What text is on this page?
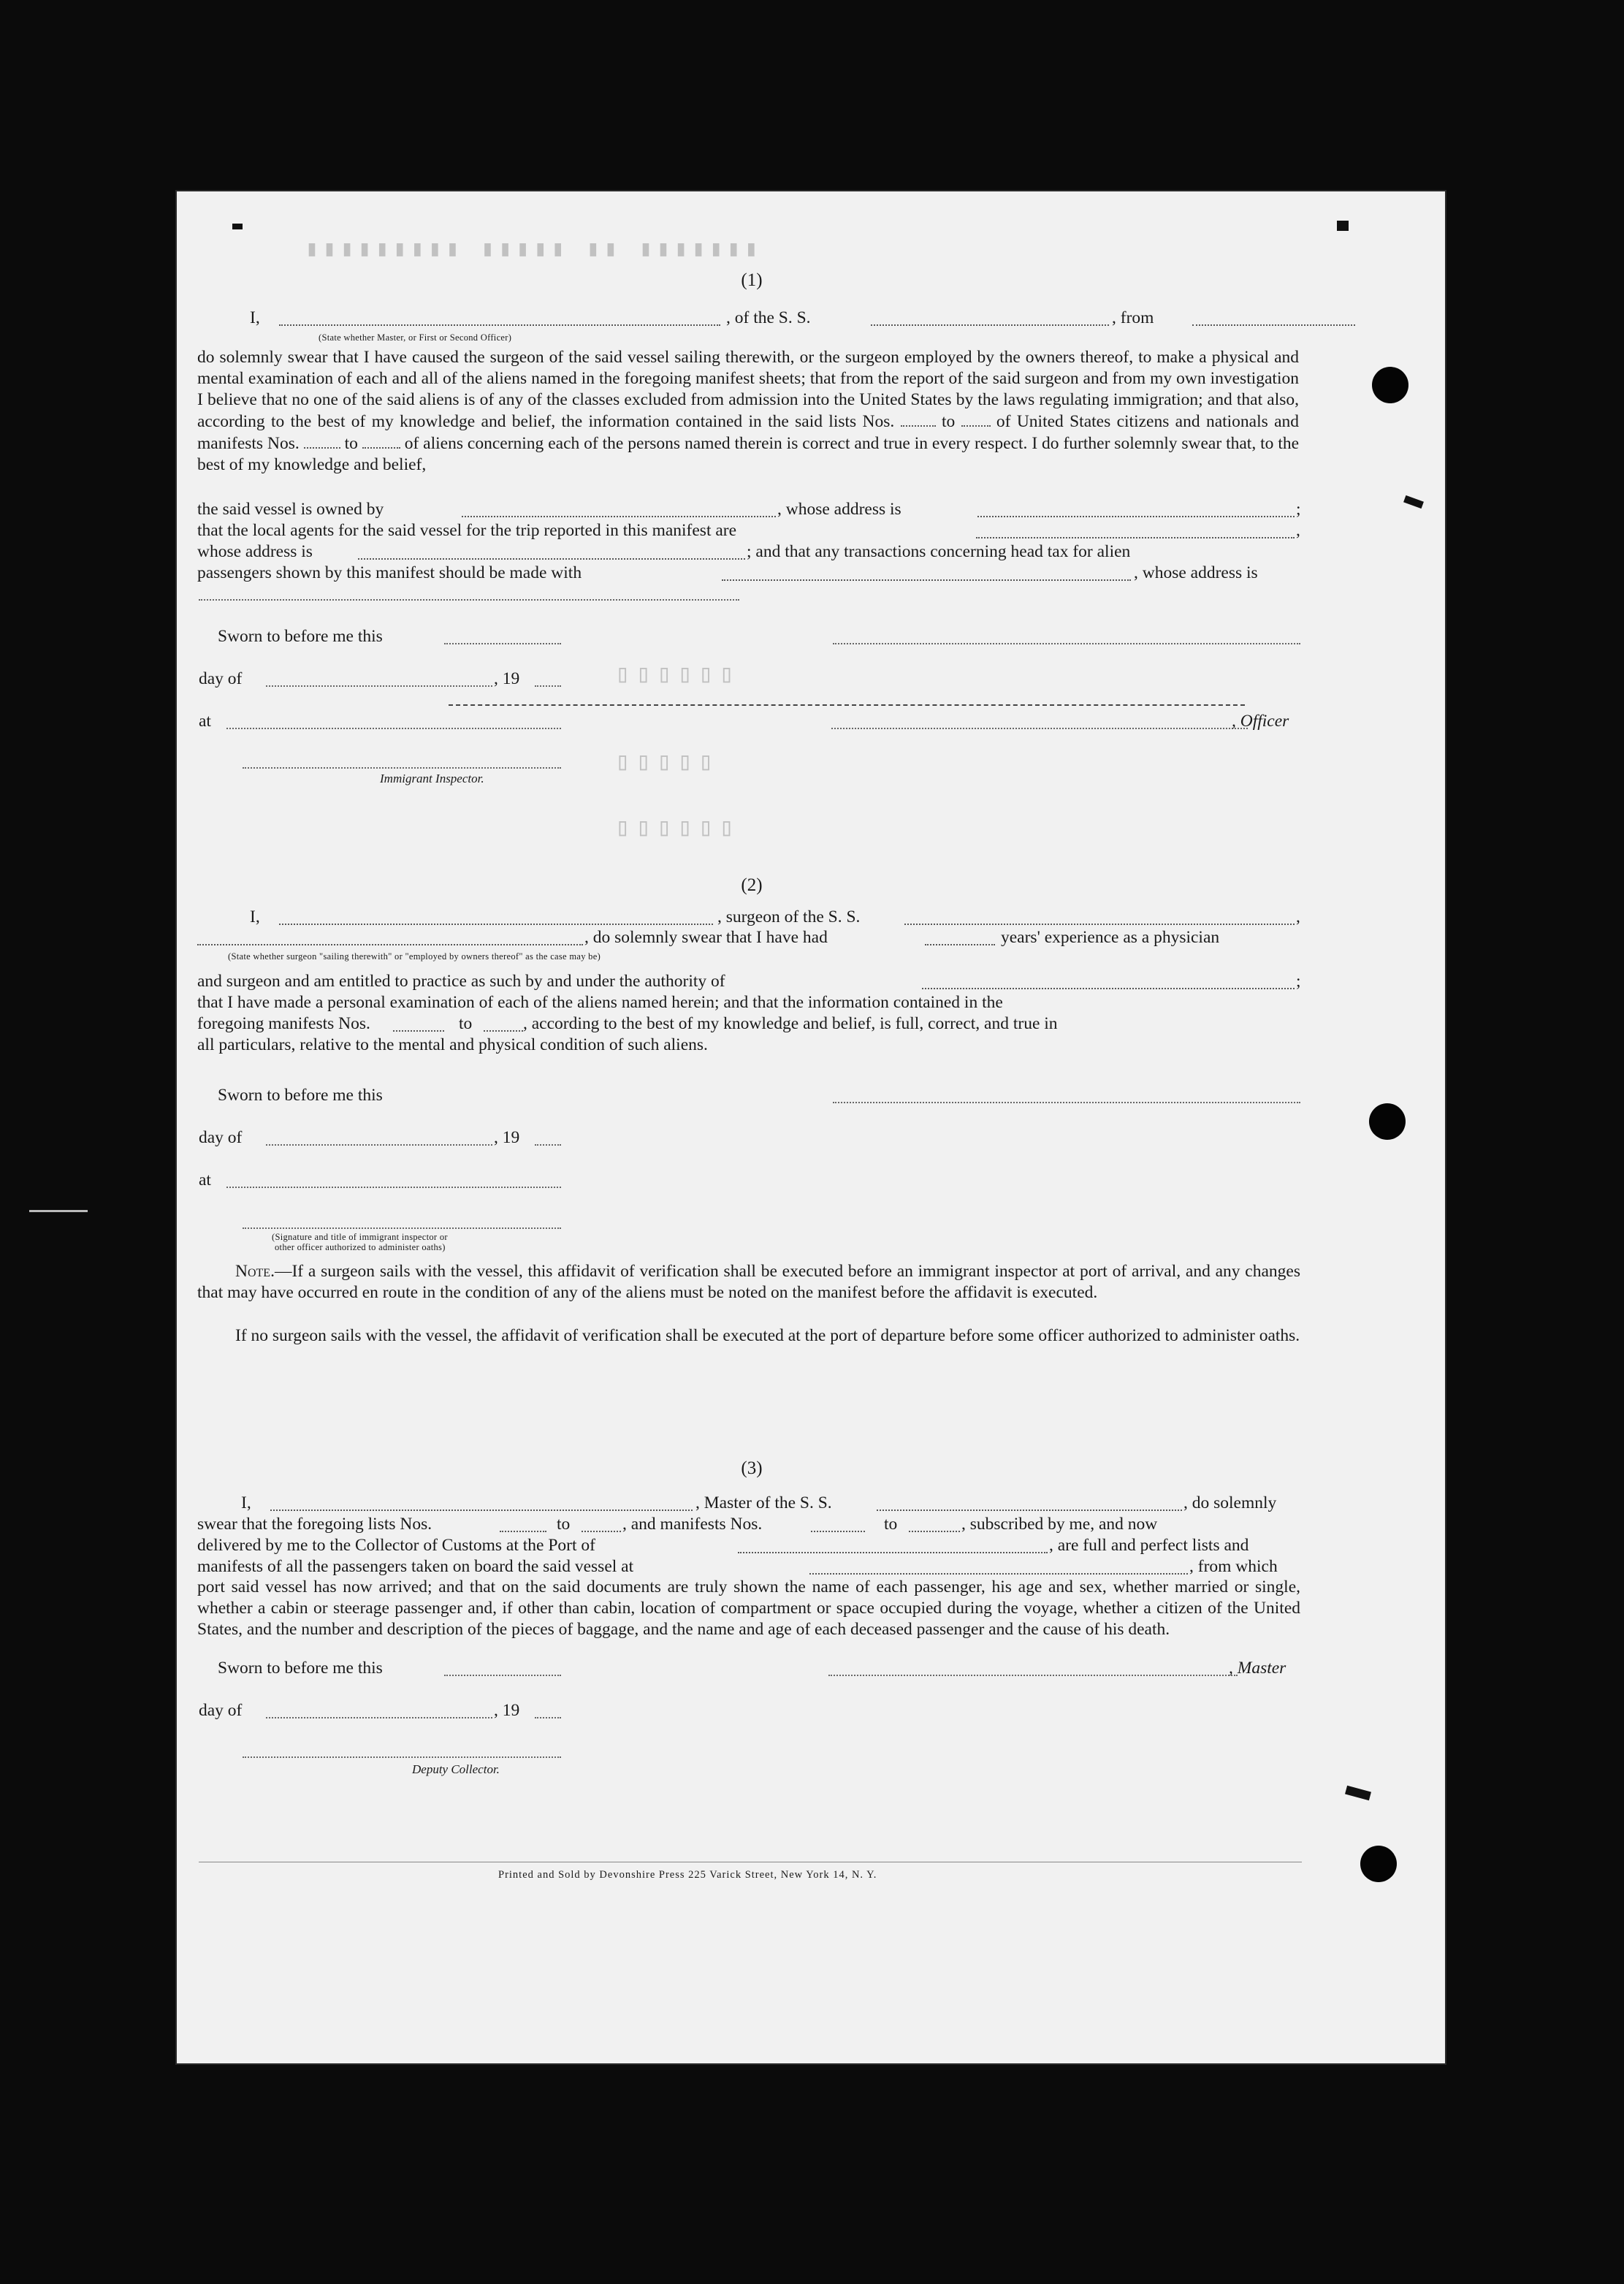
(1)
I,	, of the S. S.	, from
(State whether Master, or First or Second Officer)
do solemnly swear that I have caused the surgeon of the said vessel sailing therewith, or the surgeon employed by the owners thereof, to make a physical and mental examination of each and all of the aliens named in the foregoing manifest sheets; that from the report of the said surgeon and from my own investigation I believe that no one of the said aliens is of any of the classes excluded from admission into the United States by the laws regulating immigration; and that also, according to the best of my knowledge and belief, the information contained in the said lists Nos.	to of United States citizens and nationals and manifests Nos.	to	of aliens concerning each of the persons named therein is correct and true in every respect. I do further solemnly swear that, to the best of my knowledge and belief,
the said vessel is owned by	, whose address is	;
that the local agents for the said vessel for the trip reported in this manifest are	,
whose address is	; and that any transactions concerning head tax for alien
passengers shown by this manifest should be made with	, whose address is
Sworn to before me this
day of	, 19
at	, Officer
Immigrant Inspector.
(2)
I,	, surgeon of the S. S.	,
, do solemnly swear that I have had	years' experience as a physician
(State whether surgeon "sailing therewith" or "employed by owners thereof" as the case may be)
and surgeon and am entitled to practice as such by and under the authority of	;
that I have made a personal examination of each of the aliens named herein; and that the information contained in the
foregoing manifests Nos.	to	, according to the best of my knowledge and belief, is full, correct, and true in
all particulars, relative to the mental and physical condition of such aliens.
Sworn to before me this
day of	, 19
at
(Signature and title of immigrant inspector or
other officer authorized to administer oaths)
Note.—If a surgeon sails with the vessel, this affidavit of verification shall be executed before an immigrant inspector at port of arrival, and any changes that may have occurred en route in the condition of any of the aliens must be noted on the manifest before the affidavit is executed.
If no surgeon sails with the vessel, the affidavit of verification shall be executed at the port of departure before some officer authorized to administer oaths.
(3)
I,	, Master of the S. S.	, do solemnly
swear that the foregoing lists Nos.	to	, and manifests Nos.	to	, subscribed by me, and now
delivered by me to the Collector of Customs at the Port of	, are full and perfect lists and
manifests of all the passengers taken on board the said vessel at	, from which
port said vessel has now arrived; and that on the said documents are truly shown the name of each passenger, his age and sex, whether married or single, whether a cabin or steerage passenger and, if other than cabin, location of compartment or space occupied during the voyage, whether a citizen of the United States, and the number and description of the pieces of baggage, and the name and age of each deceased passenger and the cause of his death.
Sworn to before me this	, Master
day of	, 19
Deputy Collector.
Printed and Sold by Devonshire Press 225 Varick Street, New York 14, N. Y.
▮▮▮▮▮▮▮ ▮▮ ▮▮▮▮▮ ▮▮▮▮▮▮▮▮▮
▯▯▯▯▯▯
▯▯▯▯▯
▯▯▯▯▯▯
